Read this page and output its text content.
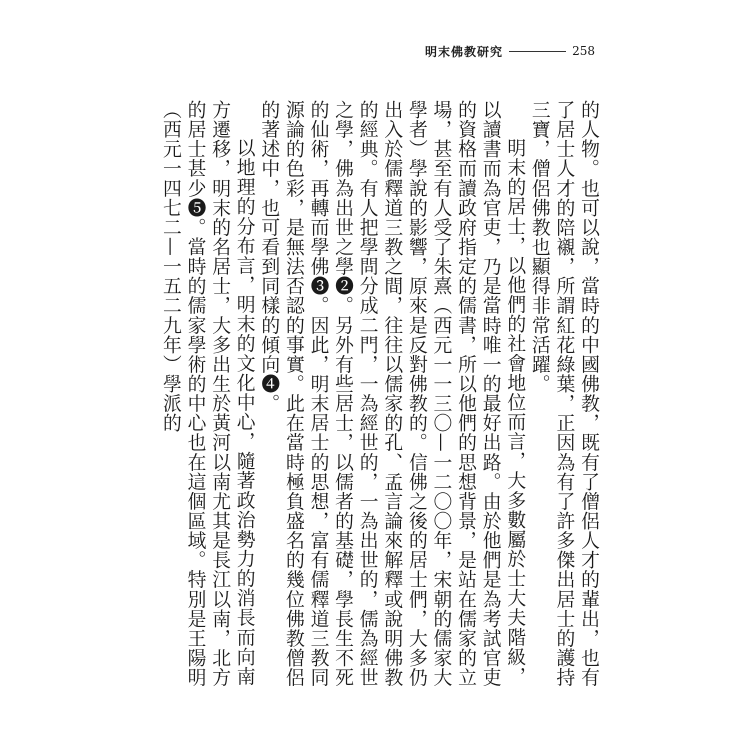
明末佛教研究	258

的人物。也可以說，當時的中國佛教，既有了僧侶人才的輩出，也有了居士人才的陪襯，所謂紅花綠葉，正因為有了許多傑出居士的護持三寶，僧侶佛教也顯得非常活躍。

明末的居士，以他們的社會地位而言，大多數屬於士大夫階級，以讀書而為官吏，乃是當時唯一的最好出路。由於他們是為考試官吏的資格而讀政府指定的儒書，所以他們的思想背景，是站在儒家的立場，甚至有人受了朱熹（西元一一三〇—一二〇〇年，宋朝的儒家大學者）學說的影響，原來是反對佛教的。信佛之後的居士們，大多仍出入於儒釋道三教之間，往往以儒家的孔、孟言論來解釋或說明佛教的經典。有人把學問分成二門，一為經世的，一為出世的，儒為經世之學，佛為出世之學❷。另外有些居士，以儒者的基礎，學長生不死的仙術，再轉而學佛❸。因此，明末居士的思想，富有儒釋道三教同源論的色彩，是無法否認的事實。此在當時極負盛名的幾位佛教僧侶的著述中，也可看到同樣的傾向❹。

以地理的分布言，明末的文化中心，隨著政治勢力的消長而向南方遷移，明末的名居士，大多出生於黃河以南尤其是長江以南，北方的居士甚少❺。當時的儒家學術的中心也在這個區域。特別是王陽明（西元一四七二—一五二九年）學派的
